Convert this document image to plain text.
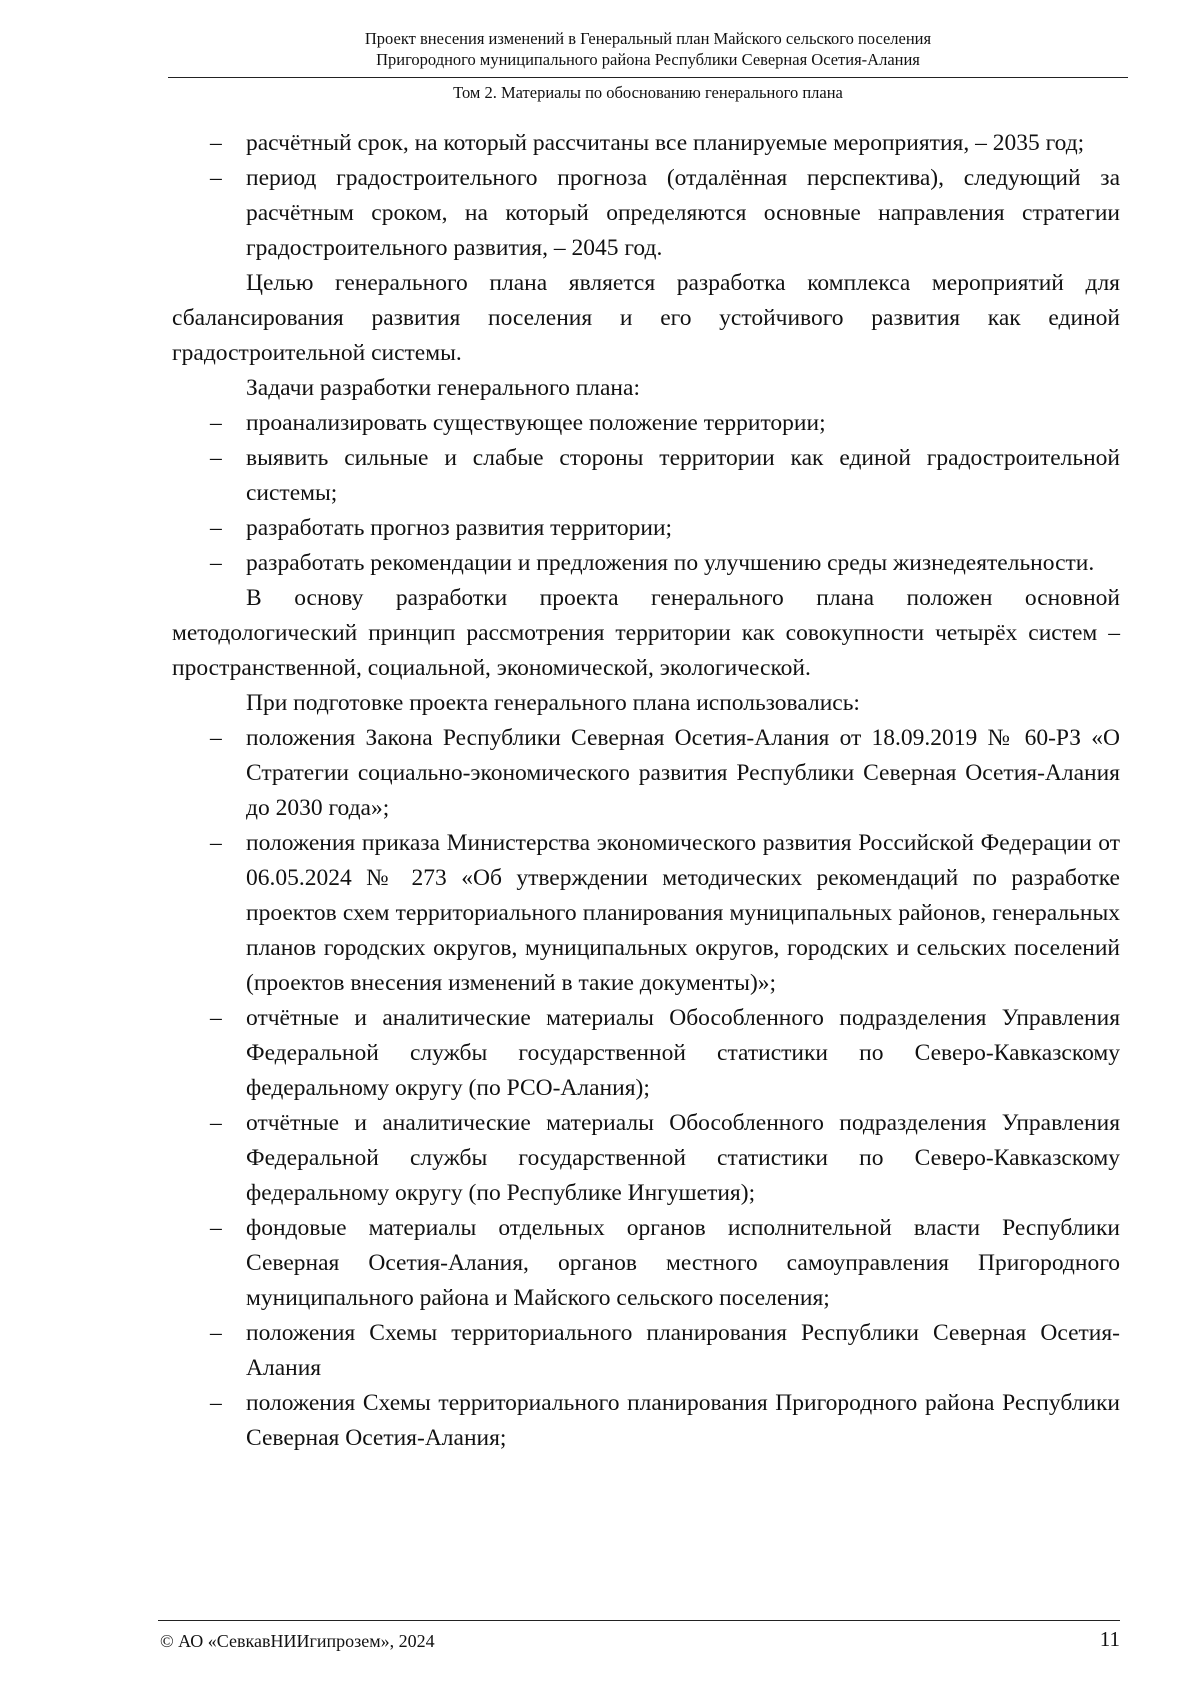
Проект внесения изменений в Генеральный план Майского сельского поселения
Пригородного муниципального района Республики Северная Осетия-Алания
Том 2. Материалы по обоснованию генерального плана
– расчётный срок, на который рассчитаны все планируемые мероприятия, – 2035 год;
– период градостроительного прогноза (отдалённая перспектива), следующий за расчётным сроком, на который определяются основные направления стратегии градостроительного развития, – 2045 год.

Целью генерального плана является разработка комплекса мероприятий для сбалансирования развития поселения и его устойчивого развития как единой градостроительной системы.

Задачи разработки генерального плана:

– проанализировать существующее положение территории;
– выявить сильные и слабые стороны территории как единой градостроительной системы;
– разработать прогноз развития территории;
– разработать рекомендации и предложения по улучшению среды жизнедеятельности.

В основу разработки проекта генерального плана положен основной методологический принцип рассмотрения территории как совокупности четырёх систем – пространственной, социальной, экономической, экологической.

При подготовке проекта генерального плана использовались:

– положения Закона Республики Северная Осетия-Алания от 18.09.2019 № 60-РЗ «О Стратегии социально-экономического развития Республики Северная Осетия-Алания до 2030 года»;
– положения приказа Министерства экономического развития Российской Федерации от 06.05.2024 № 273 «Об утверждении методических рекомендаций по разработке проектов схем территориального планирования муниципальных районов, генеральных планов городских округов, муниципальных округов, городских и сельских поселений (проектов внесения изменений в такие документы)»;
– отчётные и аналитические материалы Обособленного подразделения Управления Федеральной службы государственной статистики по Северо-Кавказскому федеральному округу (по РСО-Алания);
– отчётные и аналитические материалы Обособленного подразделения Управления Федеральной службы государственной статистики по Северо-Кавказскому федеральному округу (по Республике Ингушетия);
– фондовые материалы отдельных органов исполнительной власти Республики Северная Осетия-Алания, органов местного самоуправления Пригородного муниципального района и Майского сельского поселения;
– положения Схемы территориального планирования Республики Северная Осетия-Алания
– положения Схемы территориального планирования Пригородного района Республики Северная Осетия-Алания;
© АО «СевкавНИИгипрозем», 2024	11
